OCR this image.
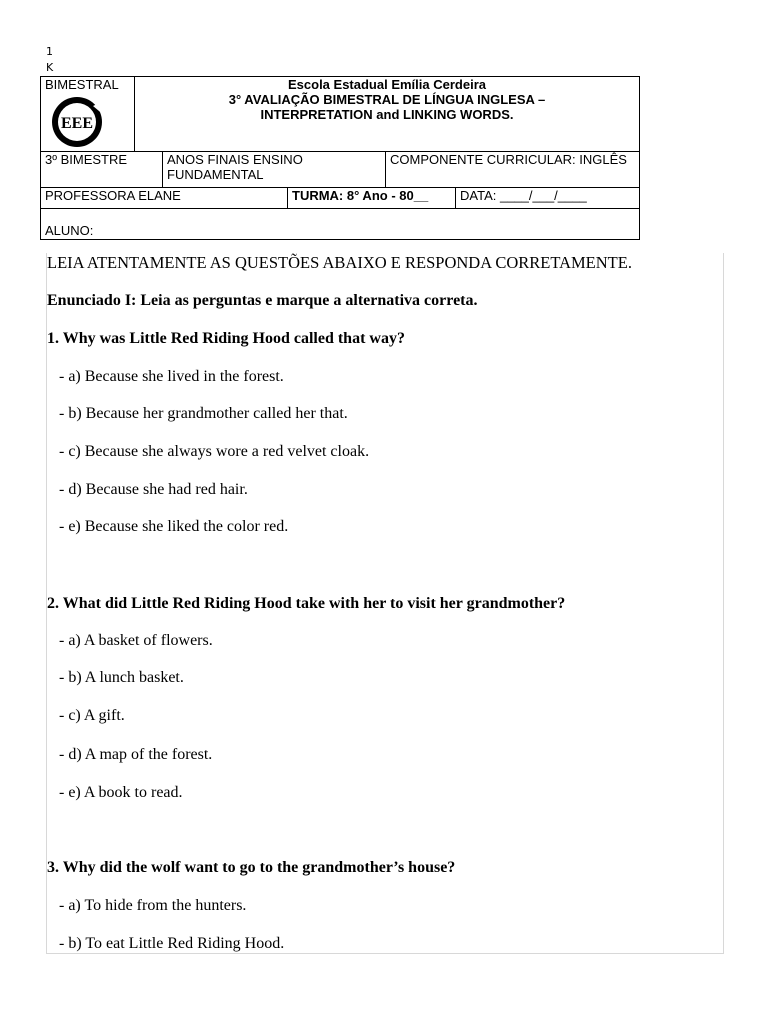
1
K
BIMESTRAL
EEE

Escola Estadual Emília Cerdeira
3° AVALIAÇÃO BIMESTRAL DE LÍNGUA INGLESA –
INTERPRETATION and LINKING WORDS.
3º BIMESTRE	ANOS FINAIS ENSINO FUNDAMENTAL	COMPONENTE CURRICULAR: INGLÊS
PROFESSORA ELANE	TURMA: 8° Ano - 80__	DATA: ____/___/____
ALUNO:
LEIA ATENTAMENTE AS QUESTÕES ABAIXO E RESPONDA CORRETAMENTE.
Enunciado I: Leia as perguntas e marque a alternativa correta.
1. Why was Little Red Riding Hood called that way?
- a) Because she lived in the forest.
- b) Because her grandmother called her that.
- c) Because she always wore a red velvet cloak.
- d) Because she had red hair.
- e) Because she liked the color red.
2. What did Little Red Riding Hood take with her to visit her grandmother?
- a) A basket of flowers.
- b) A lunch basket.
- c) A gift.
- d) A map of the forest.
- e) A book to read.
3. Why did the wolf want to go to the grandmother’s house?
- a) To hide from the hunters.
- b) To eat Little Red Riding Hood.
